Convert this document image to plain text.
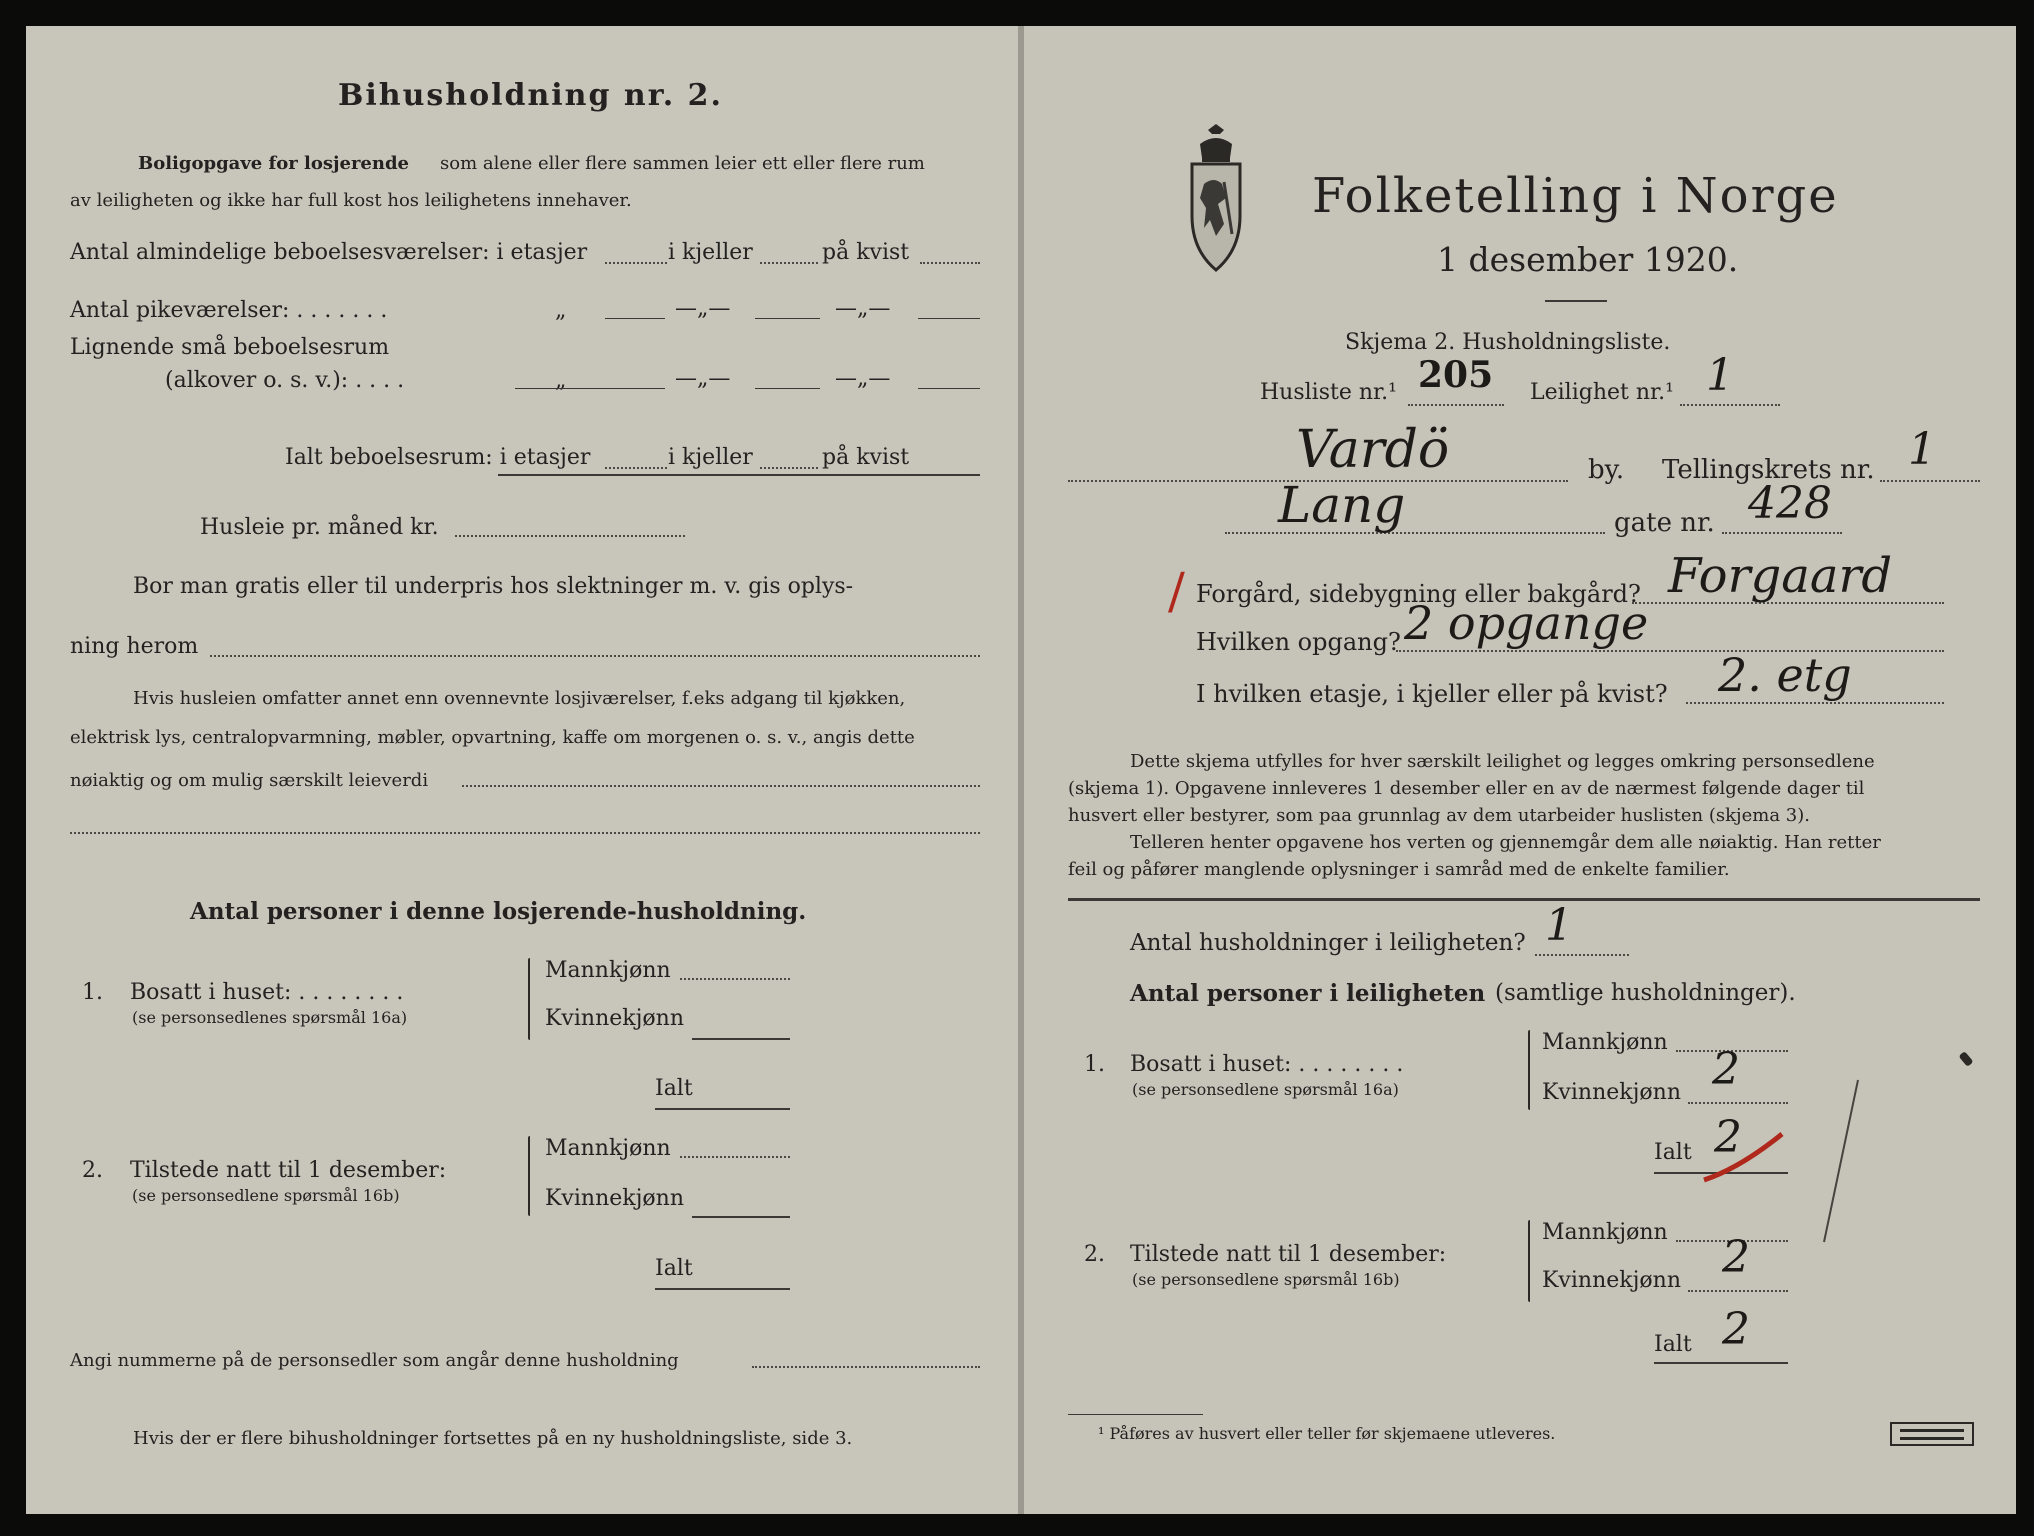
Bihusholdning nr. 2.
Boligopgave for losjerende som alene eller flere sammen leier ett eller flere rum
av leiligheten og ikke har full kost hos leilighetens innehaver.
Antal almindelige beboelsesværelser: i etasjer	i kjeller	på kvist
Antal pikeværelser: . . . . . . .	„	—„—	—„—
Lignende små beboelsesrum
(alkover o. s. v.): . . . .	„	—„—	—„—
Ialt beboelsesrum: i etasjer	i kjeller	på kvist
Husleie pr. måned kr.
Bor man gratis eller til underpris hos slektninger m. v. gis oplys-
ning herom
Hvis husleien omfatter annet enn ovennevnte losjiværelser, f.eks adgang til kjøkken,
elektrisk lys, centralopvarmning, møbler, opvartning, kaffe om morgenen o. s. v., angis dette
nøiaktig og om mulig særskilt leieverdi
Antal personer i denne losjerende-husholdning.
1. Bosatt i huset: . . . . . . . .
(se personsedlenes spørsmål 16a)
Mannkjønn
Kvinnekjønn
Ialt
2. Tilstede natt til 1 desember:
(se personsedlene spørsmål 16b)
Mannkjønn
Kvinnekjønn
Ialt
Angi nummerne på de personsedler som angår denne husholdning
Hvis der er flere bihusholdninger fortsettes på en ny husholdningsliste, side 3.
Folketelling i Norge
1 desember 1920.
Skjema 2. Husholdningsliste.
Husliste nr.¹ 205 Leilighet nr.¹ 1
Vardö	by. Tellingskrets nr. 1
Lang	gate nr. 428
/ Forgård, sidebygning eller bakgård? Forgaard
Hvilken opgang? 2 opgange
I hvilken etasje, i kjeller eller på kvist? 2. etg
Dette skjema utfylles for hver særskilt leilighet og legges omkring personsedlene
(skjema 1). Opgavene innleveres 1 desember eller en av de nærmest følgende dager til
husvert eller bestyrer, som paa grunnlag av dem utarbeider huslisten (skjema 3).
Telleren henter opgavene hos verten og gjennemgår dem alle nøiaktig. Han retter
feil og påfører manglende oplysninger i samråd med de enkelte familier.
Antal husholdninger i leiligheten? 1
Antal personer i leiligheten (samtlige husholdninger).
1. Bosatt i huset: . . . . . . . .
(se personsedlene spørsmål 16a)
Mannkjønn
Kvinnekjønn 2
Ialt 2
2. Tilstede natt til 1 desember:
(se personsedlene spørsmål 16b)
Mannkjønn
Kvinnekjønn 2
Ialt 2
¹ Påføres av husvert eller teller før skjemaene utleveres.
